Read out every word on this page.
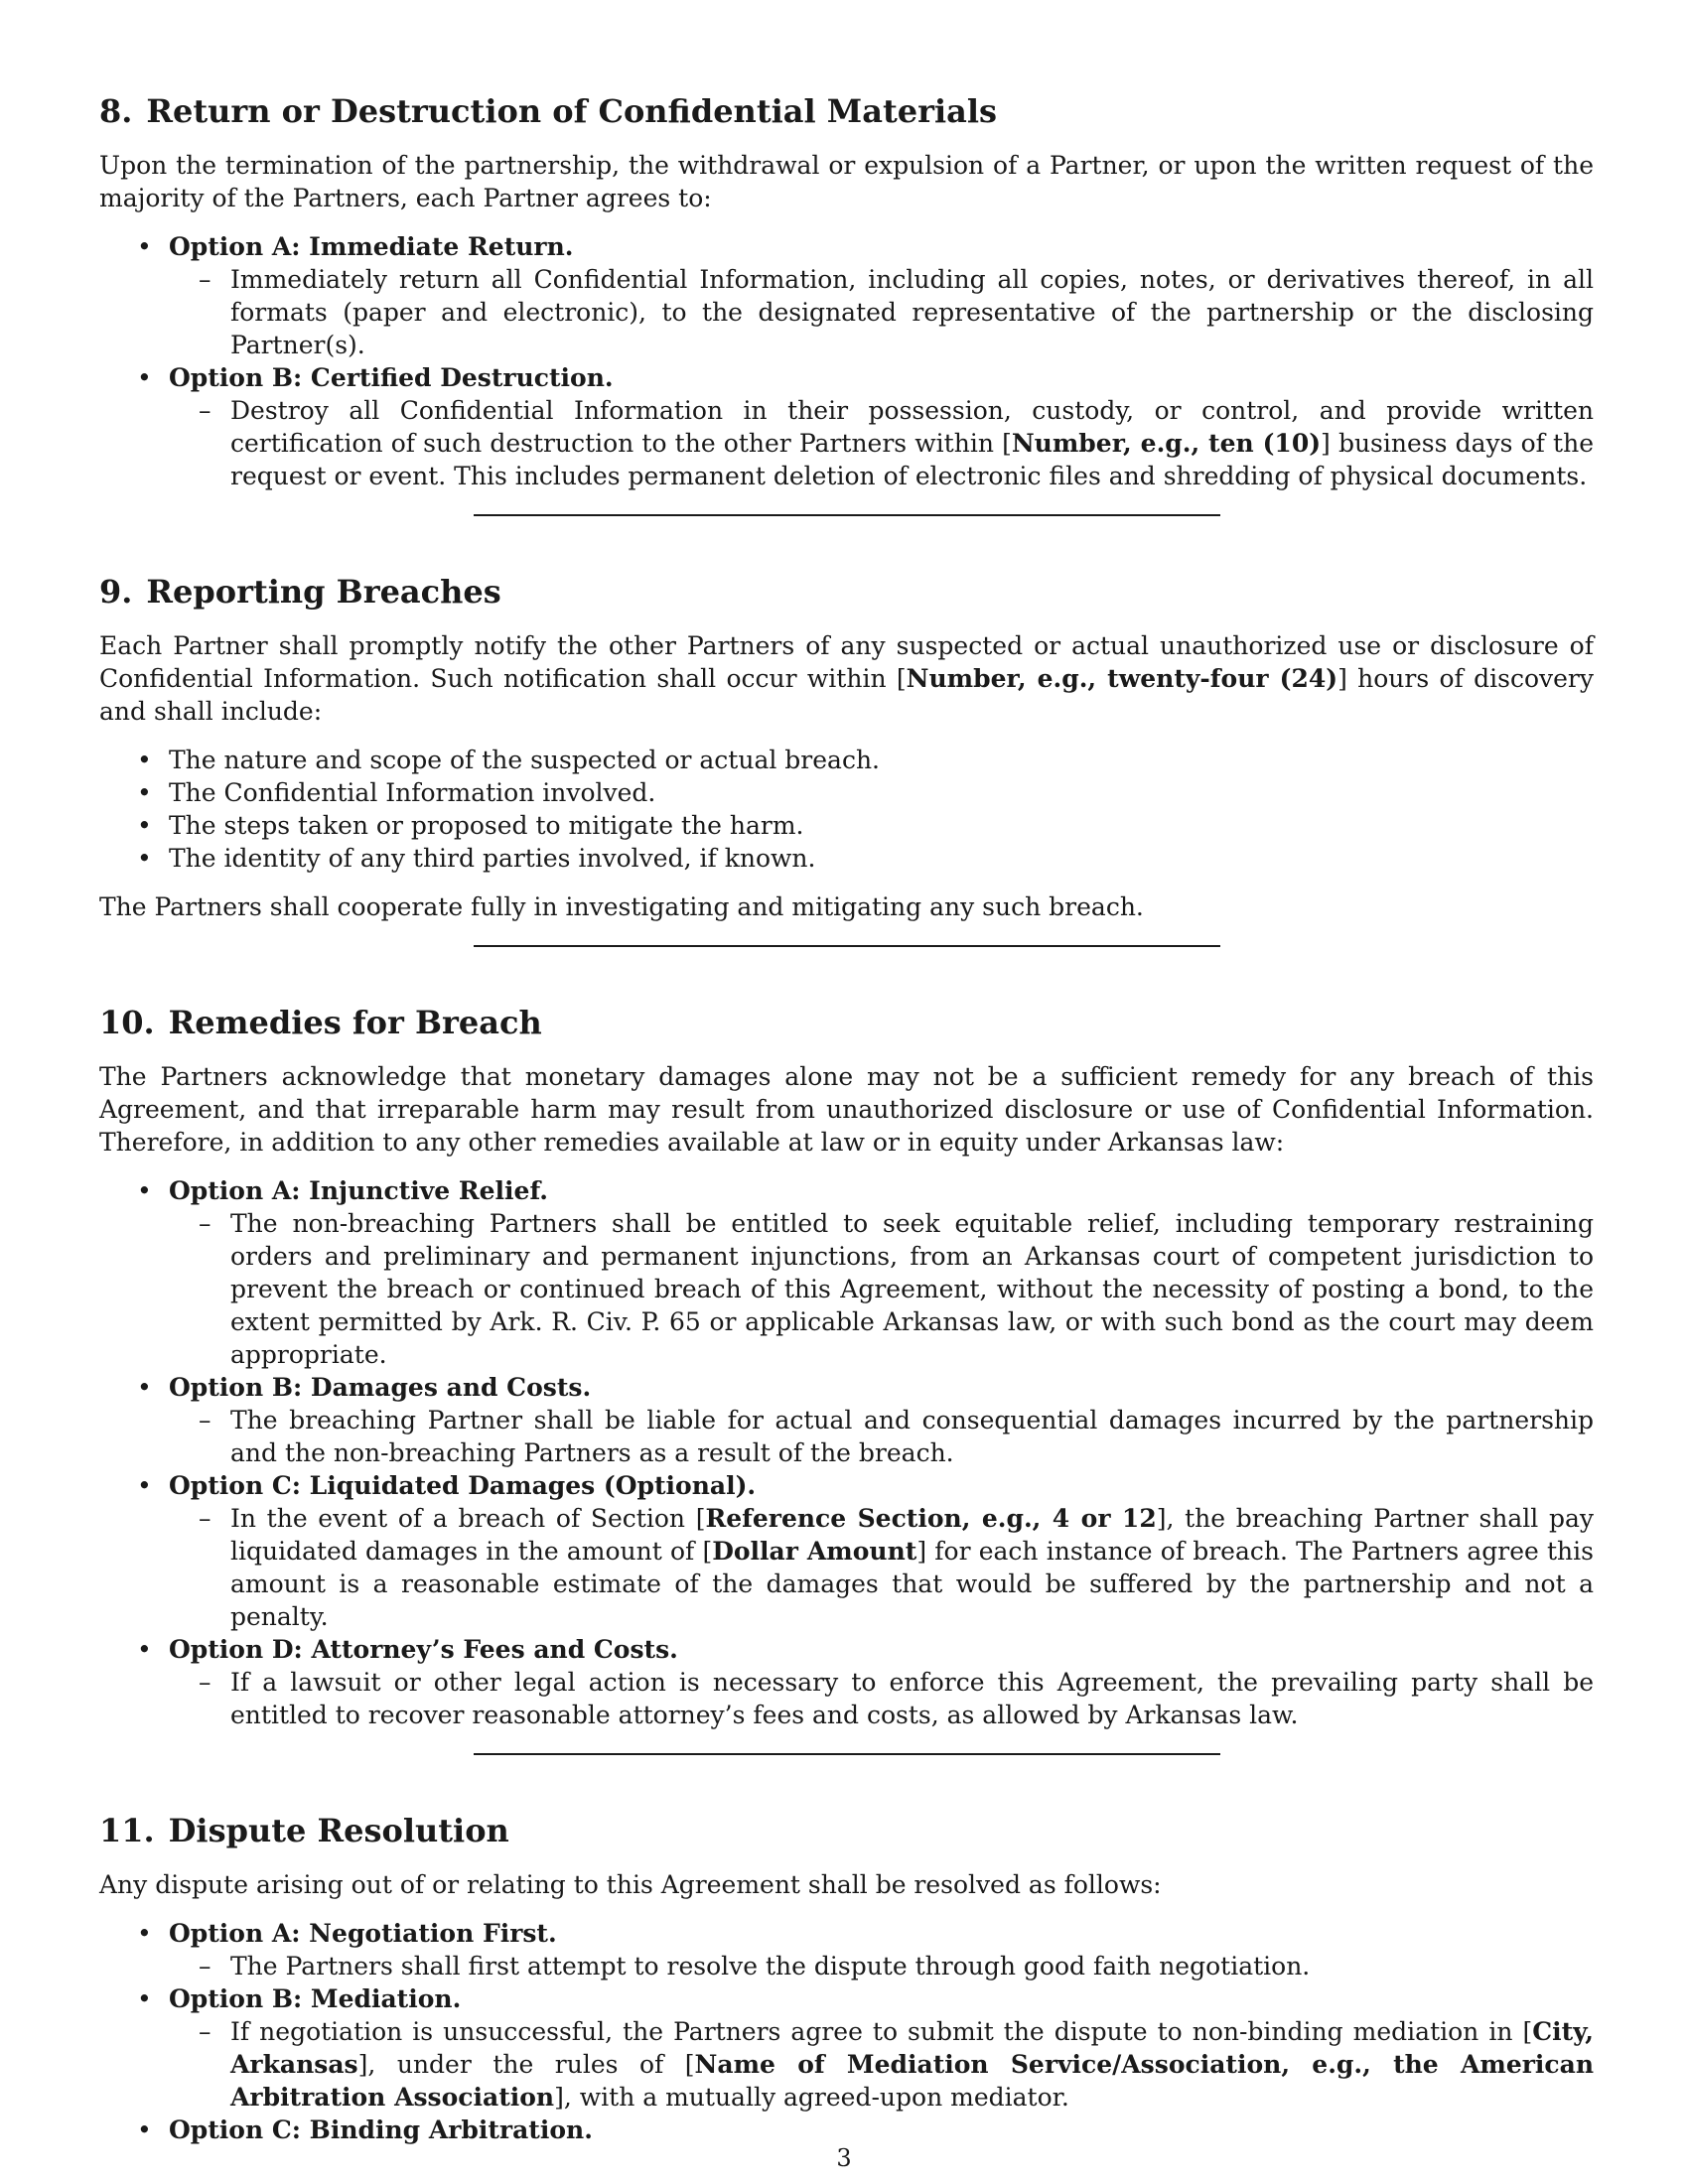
8. Return or Destruction of Confidential Materials

Upon the termination of the partnership, the withdrawal or expulsion of a Partner, or upon the written request of the majority of the Partners, each Partner agrees to:

• Option A: Immediate Return.
– Immediately return all Confidential Information, including all copies, notes, or derivatives thereof, in all formats (paper and electronic), to the designated representative of the partnership or the disclosing Partner(s).
• Option B: Certified Destruction.
– Destroy all Confidential Information in their possession, custody, or control, and provide written certification of such destruction to the other Partners within [Number, e.g., ten (10)] business days of the request or event. This includes permanent deletion of electronic files and shredding of physical documents.
9. Reporting Breaches

Each Partner shall promptly notify the other Partners of any suspected or actual unauthorized use or disclosure of Confidential Information. Such notification shall occur within [Number, e.g., twenty-four (24)] hours of discovery and shall include:

• The nature and scope of the suspected or actual breach.
• The Confidential Information involved.
• The steps taken or proposed to mitigate the harm.
• The identity of any third parties involved, if known.

The Partners shall cooperate fully in investigating and mitigating any such breach.

10. Remedies for Breach

The Partners acknowledge that monetary damages alone may not be a sufficient remedy for any breach of this Agreement, and that irreparable harm may result from unauthorized disclosure or use of Confidential Information. Therefore, in addition to any other remedies available at law or in equity under Arkansas law:

• Option A: Injunctive Relief.
– The non-breaching Partners shall be entitled to seek equitable relief, including temporary restraining orders and preliminary and permanent injunctions, from an Arkansas court of competent jurisdiction to prevent the breach or continued breach of this Agreement, without the necessity of posting a bond, to the extent permitted by Ark. R. Civ. P. 65 or applicable Arkansas law, or with such bond as the court may deem appropriate.
• Option B: Damages and Costs.
– The breaching Partner shall be liable for actual and consequential damages incurred by the partnership and the non-breaching Partners as a result of the breach.
• Option C: Liquidated Damages (Optional).
– In the event of a breach of Section [Reference Section, e.g., 4 or 12], the breaching Partner shall pay liquidated damages in the amount of [Dollar Amount] for each instance of breach. The Partners agree this amount is a reasonable estimate of the damages that would be suffered by the partnership and not a penalty.
• Option D: Attorney’s Fees and Costs.
– If a lawsuit or other legal action is necessary to enforce this Agreement, the prevailing party shall be entitled to recover reasonable attorney’s fees and costs, as allowed by Arkansas law.
11. Dispute Resolution

Any dispute arising out of or relating to this Agreement shall be resolved as follows:

• Option A: Negotiation First.
– The Partners shall first attempt to resolve the dispute through good faith negotiation.
• Option B: Mediation.
– If negotiation is unsuccessful, the Partners agree to submit the dispute to non-binding mediation in [City, Arkansas], under the rules of [Name of Mediation Service/Association, e.g., the American Arbitration Association], with a mutually agreed-upon mediator.
• Option C: Binding Arbitration.
3
